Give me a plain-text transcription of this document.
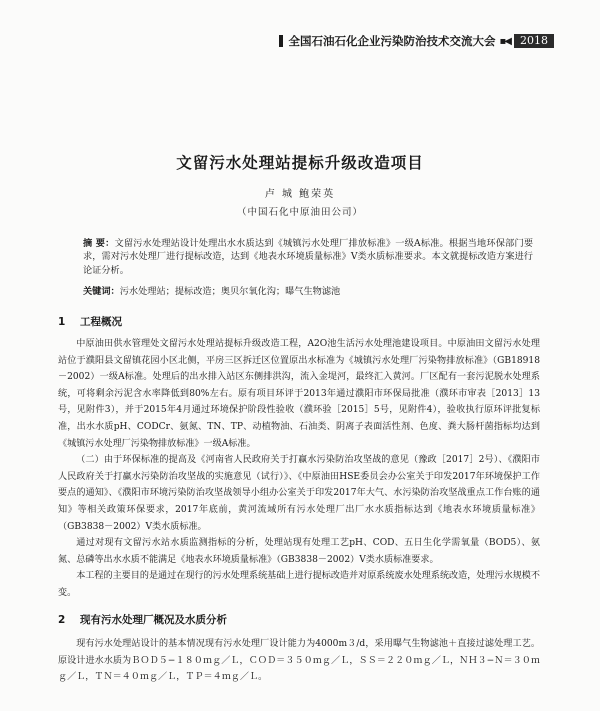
全国石油石化企业污染防治技术交流大会 ▪◀ 2018
文留污水处理站提标升级改造项目
卢 城 鲍荣英
（中国石化中原油田公司）
摘 要：文留污水处理站设计处理出水水质达到《城镇污水处理厂排放标准》一级A标准。根据当地环保部门要求，需对污水处理厂进行提标改造，达到《地表水环境质量标准》Ⅴ类水质标准要求。本文就提标改造方案进行论证分析。
关键词：污水处理站；提标改造；奥贝尔氧化沟；曝气生物滤池
1 工程概况

中原油田供水管理处文留污水处理站提标升级改造工程，A2O池生活污水处理池建设项目。中原油田文留污水处理站位于濮阳县文留镇花园小区北侧，平房三区拆迁区位置原出水标准为《城镇污水处理厂污染物排放标准》（GB18918－2002）一级A标准。处理后的出水排入站区东侧排洪沟，流入金堤河，最终汇入黄河。厂区配有一套污泥脱水处理系统，可将剩余污泥含水率降低到80%左右。原有项目环评于2013年通过濮阳市环保局批准（濮环市审表［2013］13号，见附件3），并于2015年4月通过环境保护阶段性验收（濮环验［2015］5号，见附件4），验收执行原环评批复标准，出水水质pH、CODCr、氨氮、TN、TP、动植物油、石油类、阴离子表面活性剂、色度、粪大肠杆菌指标均达到《城镇污水处理厂污染物排放标准》一级A标准。

（二）由于环保标准的提高及《河南省人民政府关于打赢水污染防治攻坚战的意见（豫政［2017］2号）、《濮阳市人民政府关于打赢水污染防治攻坚战的实施意见（试行）》、《中原油田HSE委员会办公室关于印发2017年环境保护工作要点的通知》、《濮阳市环境污染防治攻坚战领导小组办公室关于印发2017年大气、水污染防治攻坚战重点工作台账的通知》等相关政策环保要求，2017年底前，黄河流域所有污水处理厂出厂水水质指标达到《地表水环境质量标准》（GB3838－2002）Ⅴ类水质标准。

通过对现有文留污水站水质监测指标的分析，处理站现有处理工艺pH、COD、五日生化学需氧量（BOD5）、氨氮、总磷等出水水质不能满足《地表水环境质量标准》（GB3838－2002）Ⅴ类水质标准要求。

本工程的主要目的是通过在现行的污水处理系统基础上进行提标改造并对原系统废水处理系统改造，处理污水规模不变。

2 现有污水处理厂概况及水质分析

现有污水处理站设计的基本情况现有污水处理厂设计能力为4000m３/d，采用曝气生物滤池＋直接过滤处理工艺。原设计进水水质为ＢＯＤ５−１８０ｍｇ／Ｌ，ＣＯＤ＝３５０ｍｇ／Ｌ，ＳＳ＝２２０ｍｇ／Ｌ，ＮＨ３−Ｎ＝３０ｍｇ／Ｌ，ＴＮ＝４０ｍｇ／Ｌ，ＴＰ＝４ｍｇ／Ｌ。
